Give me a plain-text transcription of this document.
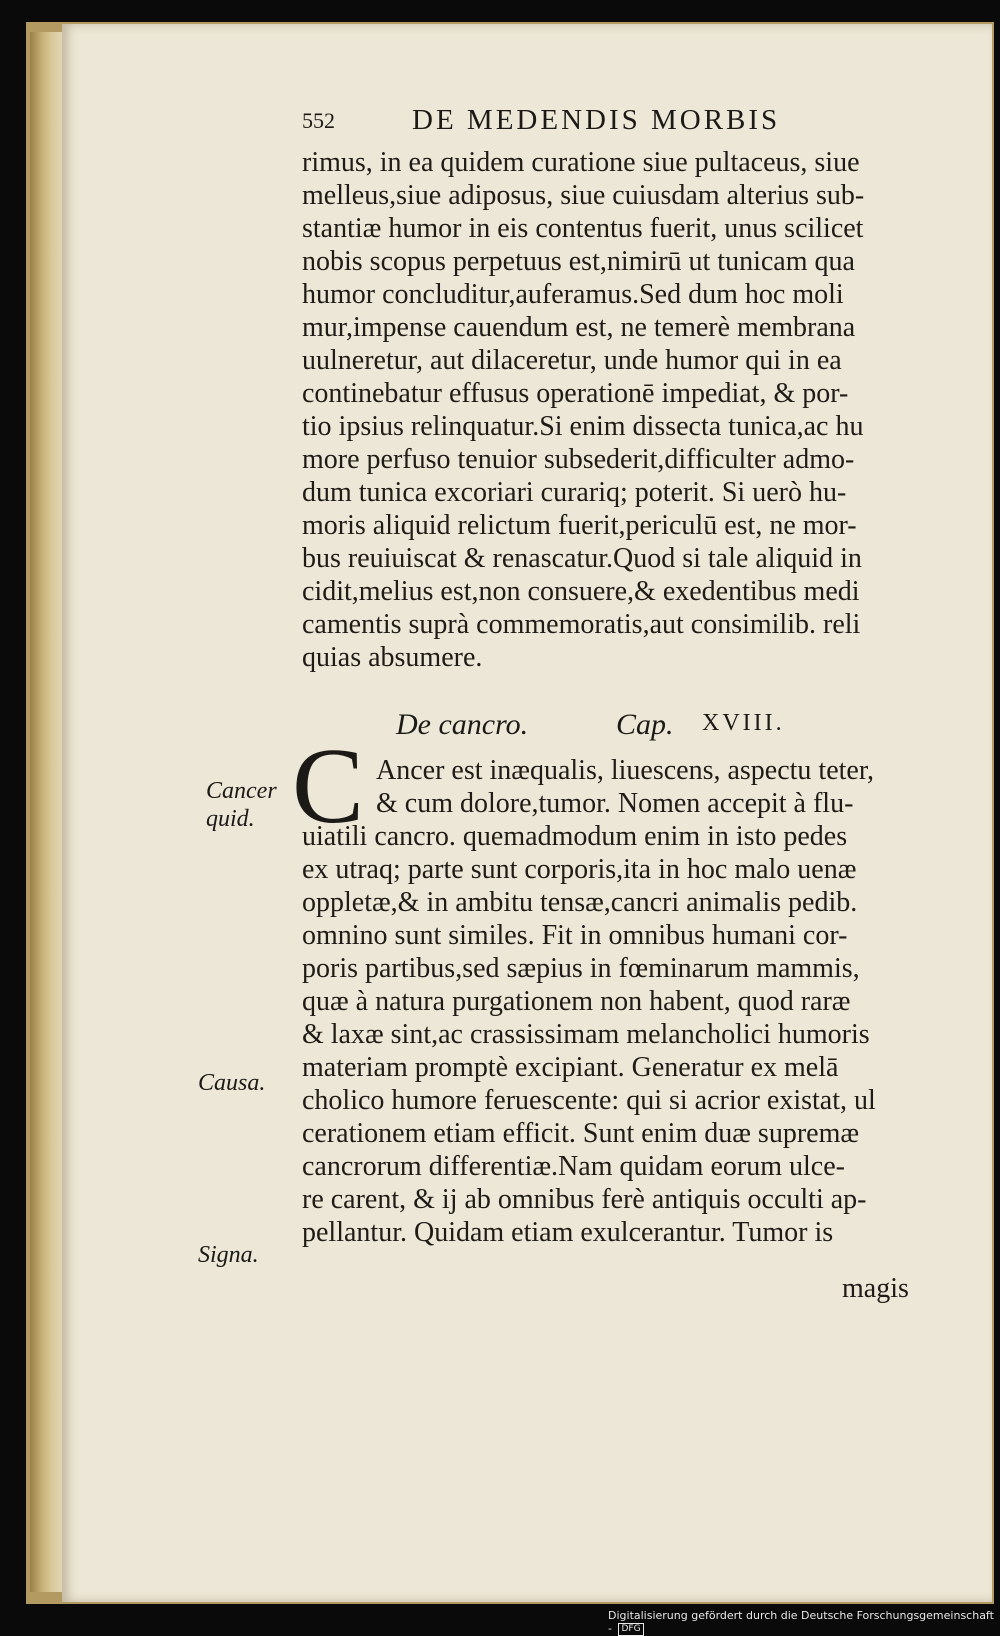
552	DE MEDENDIS MORBIS
rimus, in ea quidem curatione siue pultaceus, siue
melleus,siue adiposus, siue cuiusdam alterius sub-
stantiæ humor in eis contentus fuerit, unus scilicet
nobis scopus perpetuus est,nimirū ut tunicam qua
humor concluditur,auferamus.Sed dum hoc moli
mur,impense cauendum est, ne temerè membrana
uulneretur, aut dilaceretur, unde humor qui in ea
continebatur effusus operationē impediat, & por-
tio ipsius relinquatur.Si enim dissecta tunica,ac hu
more perfuso tenuior subsederit,difficulter admo-
dum tunica excoriari curariq; poterit. Si uerò hu-
moris aliquid relictum fuerit,periculū est, ne mor-
bus reuiuiscat & renascatur.Quod si tale aliquid in
cidit,melius est,non consuere,& exedentibus medi
camentis suprà commemoratis,aut consimilib. reli
quias absumere.
De cancro.	Cap. XVIII.
C Ancer est inæqualis, liuescens, aspectu teter,
& cum dolore,tumor. Nomen accepit à flu-
uiatili cancro. quemadmodum enim in isto pedes
ex utraq; parte sunt corporis,ita in hoc malo uenæ
oppletæ,& in ambitu tensæ,cancri animalis pedib.
omnino sunt similes. Fit in omnibus humani cor-
poris partibus,sed sæpius in fœminarum mammis,
quæ à natura purgationem non habent, quod raræ
& laxæ sint,ac crassissimam melancholici humoris
materiam promptè excipiant. Generatur ex melā
cholico humore feruescente: qui si acrior existat, ul
cerationem etiam efficit. Sunt enim duæ supremæ
cancrorum differentiæ.Nam quidam eorum ulce-
re carent, & ij ab omnibus ferè antiquis occulti ap-
pellantur. Quidam etiam exulcerantur. Tumor is
Cancer
quid.
Causa.
Signa.
magis
Digitalisierung gefördert durch die Deutsche Forschungsgemeinschaft - DFG
